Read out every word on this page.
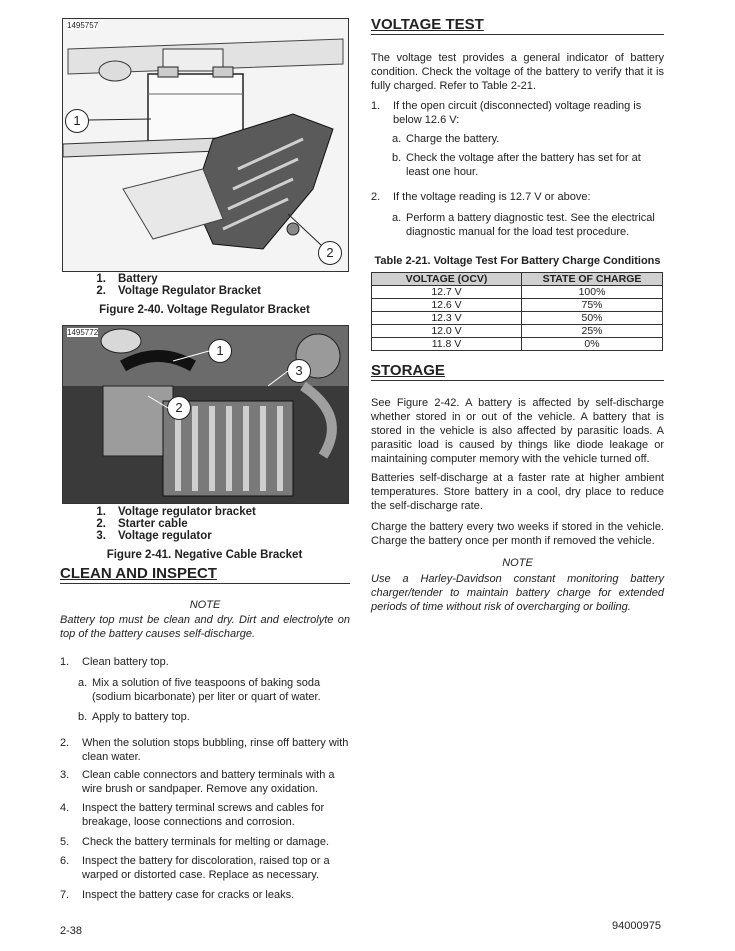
1495757
1
2
1.	Battery
2.	Voltage Regulator Bracket
Figure 2-40. Voltage Regulator Bracket
1495772
1
2
3
1.	Voltage regulator bracket
2.	Starter cable
3.	Voltage regulator
Figure 2-41. Negative Cable Bracket
CLEAN AND INSPECT
NOTE
Battery top must be clean and dry. Dirt and electrolyte on top of the battery causes self-discharge.
1.	Clean battery top.
a. Mix a solution of five teaspoons of baking soda (sodium bicarbonate) per liter or quart of water.
b. Apply to battery top.
2.	When the solution stops bubbling, rinse off battery with clean water.
3.	Clean cable connectors and battery terminals with a wire brush or sandpaper. Remove any oxidation.
4.	Inspect the battery terminal screws and cables for breakage, loose connections and corrosion.
5.	Check the battery terminals for melting or damage.
6.	Inspect the battery for discoloration, raised top or a warped or distorted case. Replace as necessary.
7.	Inspect the battery case for cracks or leaks.
VOLTAGE TEST
The voltage test provides a general indicator of battery condition. Check the voltage of the battery to verify that it is fully charged. Refer to Table 2-21.
1.	If the open circuit (disconnected) voltage reading is below 12.6 V:
a. Charge the battery.
b. Check the voltage after the battery has set for at least one hour.
2.	If the voltage reading is 12.7 V or above:
a. Perform a battery diagnostic test. See the electrical diagnostic manual for the load test procedure.
Table 2-21. Voltage Test For Battery Charge Conditions
VOLTAGE (OCV)	STATE OF CHARGE
12.7 V	100%
12.6 V	75%
12.3 V	50%
12.0 V	25%
11.8 V	0%
STORAGE
See Figure 2-42. A battery is affected by self-discharge whether stored in or out of the vehicle. A battery that is stored in the vehicle is also affected by parasitic loads. A parasitic load is caused by things like diode leakage or maintaining computer memory with the vehicle turned off.
Batteries self-discharge at a faster rate at higher ambient temperatures. Store battery in a cool, dry place to reduce the self-discharge rate.
Charge the battery every two weeks if stored in the vehicle. Charge the battery once per month if removed the vehicle.
NOTE
Use a Harley-Davidson constant monitoring battery charger/tender to maintain battery charge for extended periods of time without risk of overcharging or boiling.
2-38	94000975
